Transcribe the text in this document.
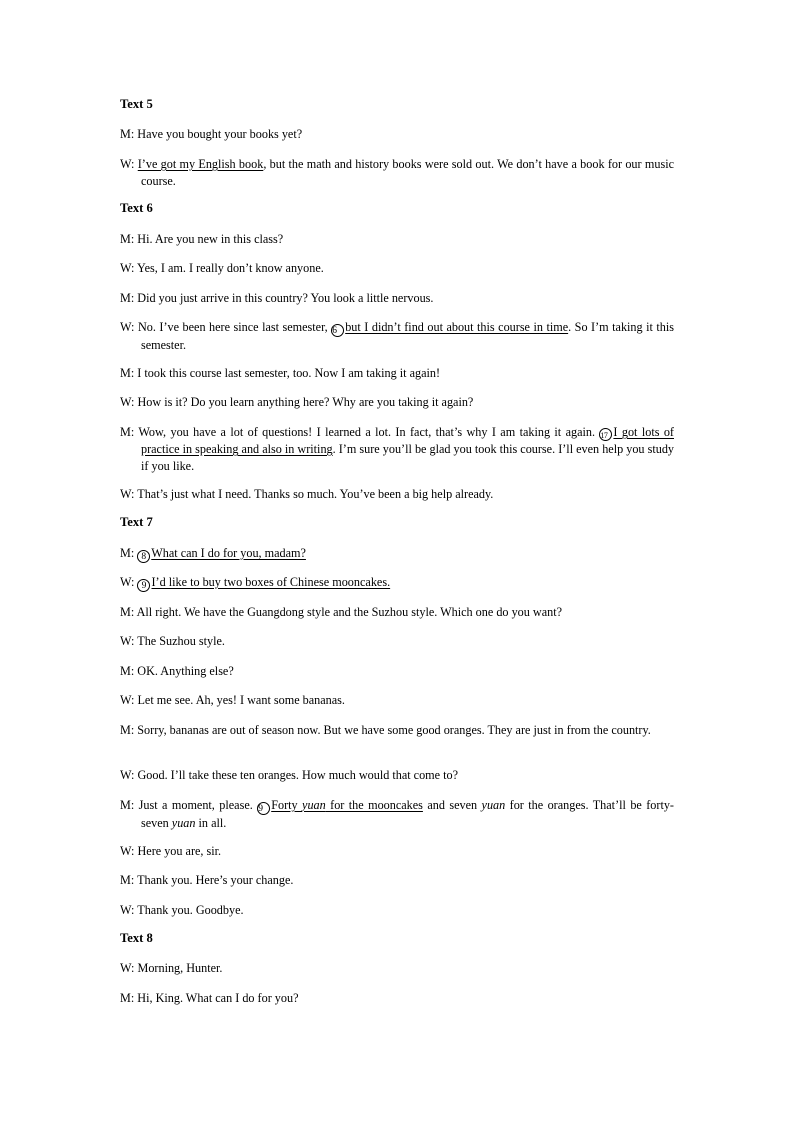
Text 5
M: Have you bought your books yet?
W: I’ve got my English book, but the math and history books were sold out. We don’t have a book for our music course.
Text 6
M: Hi. Are you new in this class?
W: Yes, I am. I really don’t know anyone.
M: Did you just arrive in this country? You look a little nervous.
W: No. I’ve been here since last semester, 6 but I didn’t find out about this course in time. So I’m taking it this semester.
M: I took this course last semester, too. Now I am taking it again!
W: How is it? Do you learn anything here? Why are you taking it again?
M: Wow, you have a lot of questions! I learned a lot. In fact, that’s why I am taking it again. 17 I got lots of practice in speaking and also in writing. I’m sure you’ll be glad you took this course. I’ll even help you study if you like.
W: That’s just what I need. Thanks so much. You’ve been a big help already.
Text 7
M: 8 What can I do for you, madam?
W: 9 I’d like to buy two boxes of Chinese mooncakes.
M: All right. We have the Guangdong style and the Suzhou style. Which one do you want?
W: The Suzhou style.
M: OK. Anything else?
W: Let me see. Ah, yes! I want some bananas.
M: Sorry, bananas are out of season now. But we have some good oranges. They are just in from the country.
W: Good. I’ll take these ten oranges. How much would that come to?
M: Just a moment, please. 9 Forty yuan for the mooncakes and seven yuan for the oranges. That’ll be forty-seven yuan in all.
W: Here you are, sir.
M: Thank you. Here’s your change.
W: Thank you. Goodbye.
Text 8
W: Morning, Hunter.
M: Hi, King. What can I do for you?
